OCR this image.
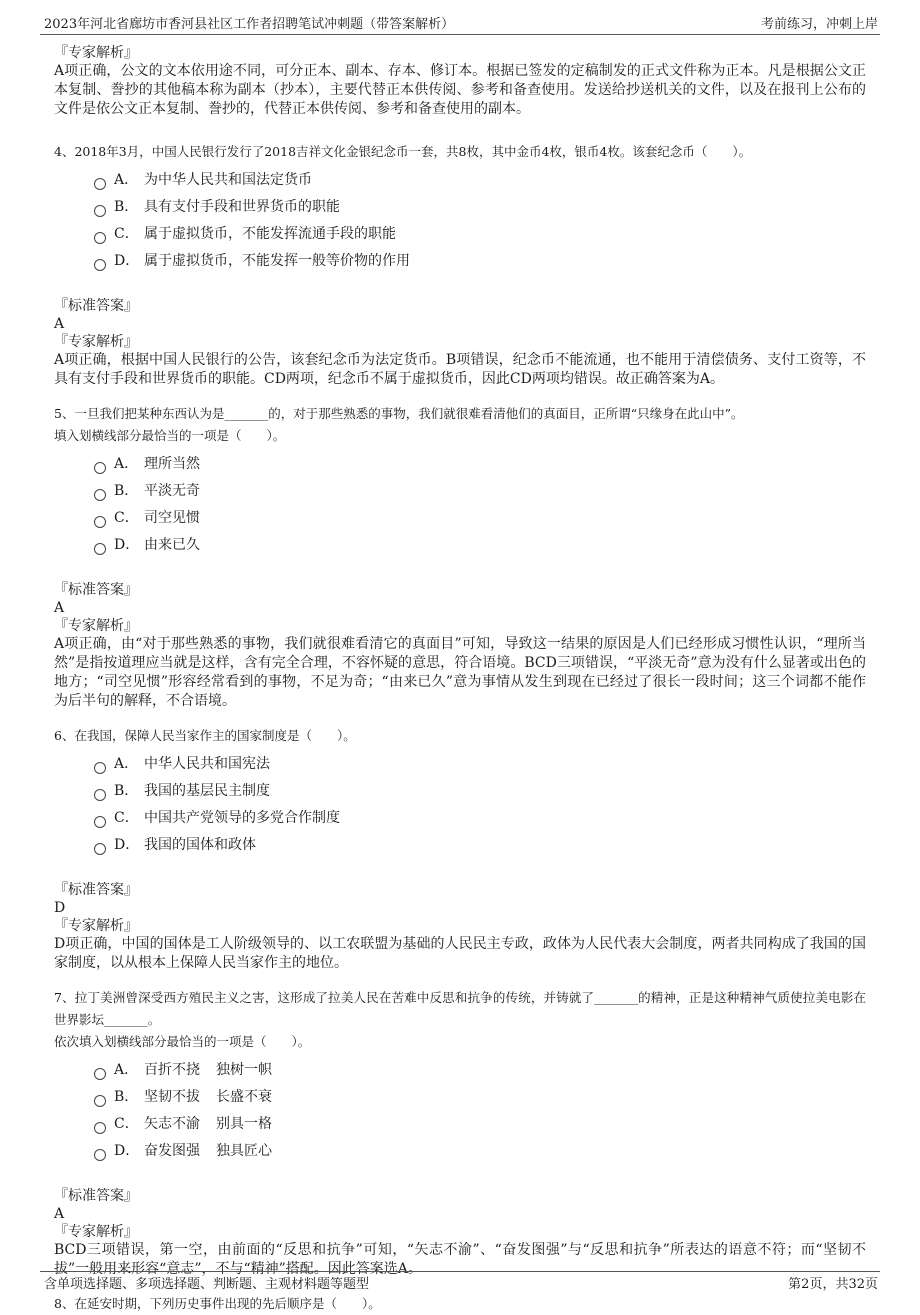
2023年河北省廊坊市香河县社区工作者招聘笔试冲刺题（带答案解析）	考前练习，冲刺上岸

『专家解析』

A项正确，公文的文本依用途不同，可分正本、副本、存本、修订本。根据已签发的定稿制发的正式文件称为正本。凡是根据公文正本复制、誊抄的其他稿本称为副本（抄本），主要代替正本供传阅、参考和备查使用。发送给抄送机关的文件，以及在报刊上公布的文件是依公文正本复制、誊抄的，代替正本供传阅、参考和备查使用的副本。

4、2018年3月，中国人民银行发行了2018吉祥文化金银纪念币一套，共8枚，其中金币4枚，银币4枚。该套纪念币（　　）。

A． 为中华人民共和国法定货币
B． 具有支付手段和世界货币的职能
C． 属于虚拟货币，不能发挥流通手段的职能
D． 属于虚拟货币，不能发挥一般等价物的作用

『标准答案』

A

『专家解析』

A项正确，根据中国人民银行的公告，该套纪念币为法定货币。B项错误，纪念币不能流通，也不能用于清偿债务、支付工资等，不具有支付手段和世界货币的职能。CD两项，纪念币不属于虚拟货币，因此CD两项均错误。故正确答案为A。

5、一旦我们把某种东西认为是_______的，对于那些熟悉的事物，我们就很难看清他们的真面目，正所谓“只缘身在此山中”。

填入划横线部分最恰当的一项是（　　）。

A． 理所当然
B． 平淡无奇
C． 司空见惯
D． 由来已久

『标准答案』

A

『专家解析』

A项正确，由“对于那些熟悉的事物，我们就很难看清它的真面目”可知，导致这一结果的原因是人们已经形成习惯性认识，“理所当然”是指按道理应当就是这样，含有完全合理，不容怀疑的意思，符合语境。BCD三项错误，“平淡无奇”意为没有什么显著或出色的地方；“司空见惯”形容经常看到的事物，不足为奇；“由来已久”意为事情从发生到现在已经过了很长一段时间；这三个词都不能作为后半句的解释，不合语境。

6、在我国，保障人民当家作主的国家制度是（　　）。

A． 中华人民共和国宪法
B． 我国的基层民主制度
C． 中国共产党领导的多党合作制度
D． 我国的国体和政体

『标准答案』

D

『专家解析』

D项正确，中国的国体是工人阶级领导的、以工农联盟为基础的人民民主专政，政体为人民代表大会制度，两者共同构成了我国的国家制度，以从根本上保障人民当家作主的地位。

7、拉丁美洲曾深受西方殖民主义之害，这形成了拉美人民在苦难中反思和抗争的传统，并铸就了_______的精神，正是这种精神气质使拉美电影在世界影坛_______。

依次填入划横线部分最恰当的一项是（　　）。

A． 百折不挠 独树一帜
B． 坚韧不拔 长盛不衰
C． 矢志不渝 别具一格
D． 奋发图强 独具匠心

『标准答案』

A

『专家解析』

BCD三项错误，第一空，由前面的“反思和抗争”可知，“矢志不渝”、“奋发图强”与“反思和抗争”所表达的语意不符；而“坚韧不拔”一般用来形容“意志”，不与“精神”搭配。因此答案选A。

8、在延安时期，下列历史事件出现的先后顺序是（　　）。

含单项选择题、多项选择题、判断题、主观材料题等题型	第2页，共32页
